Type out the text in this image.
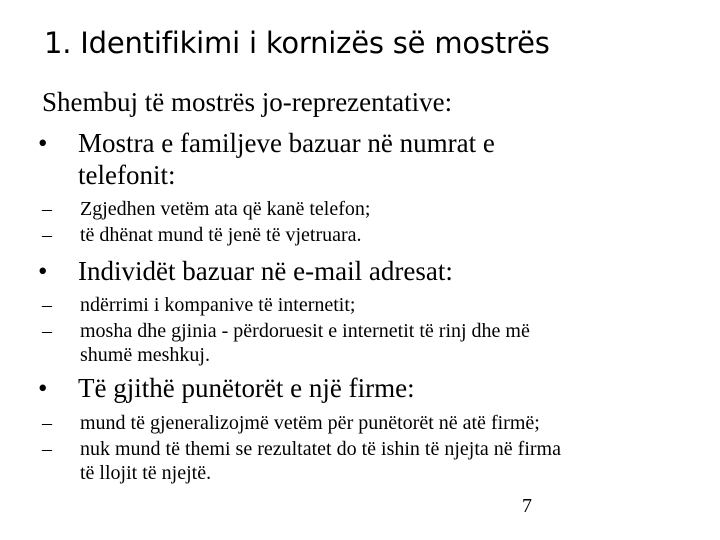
1. Identifikimi i kornizës së mostrës
Shembuj të mostrës jo-reprezentative:
• Mostra e familjeve bazuar në numrat e
telefonit:
– Zgjedhen vetëm ata që kanë telefon;
– të dhënat mund të jenë të vjetruara.
• Individët bazuar në e-mail adresat:
– ndërrimi i kompanive të internetit;
– mosha dhe gjinia - përdoruesit e internetit të rinj dhe më
shumë meshkuj.
• Të gjithë punëtorët e një firme:
– mund të gjeneralizojmë vetëm për punëtorët në atë firmë;
– nuk mund të themi se rezultatet do të ishin të njejta në firma
të llojit të njejtë.
7
